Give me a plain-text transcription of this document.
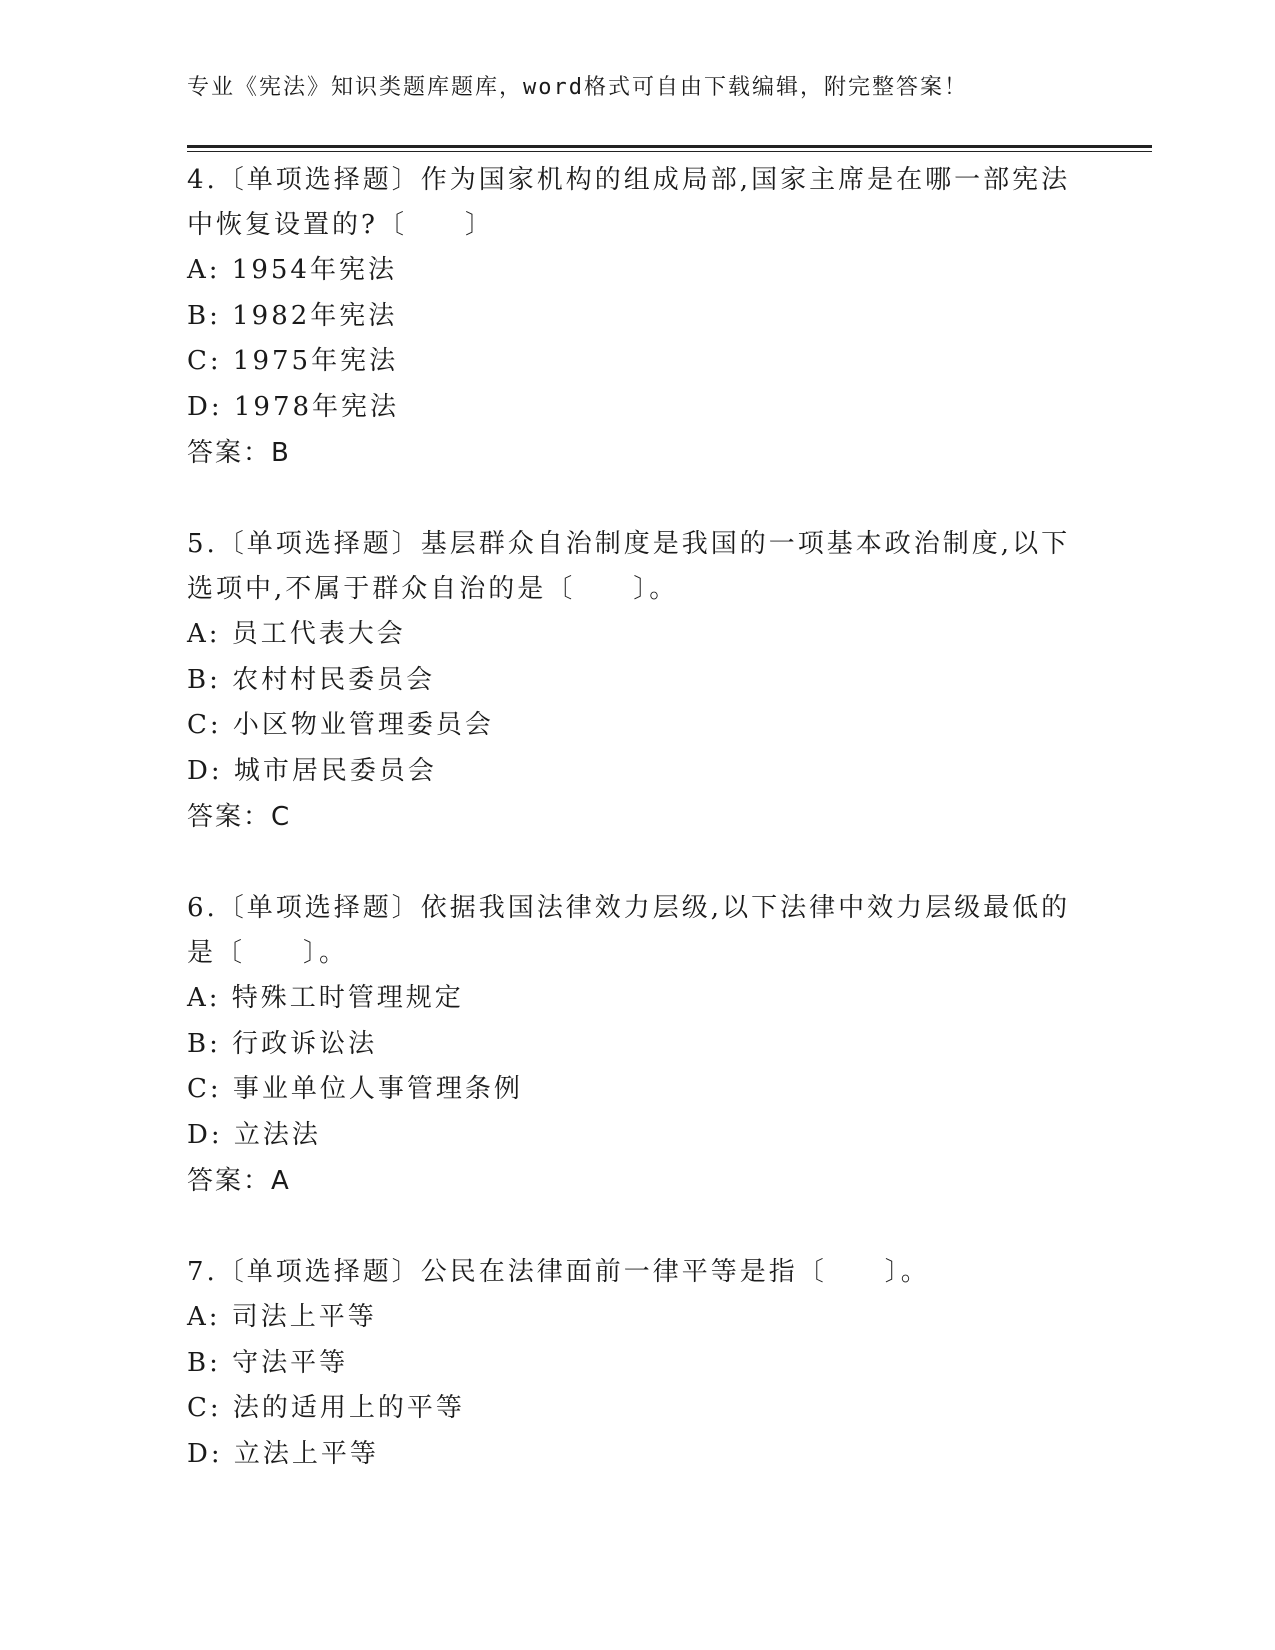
专业《宪法》知识类题库题库，word格式可自由下载编辑，附完整答案！
4.〔单项选择题〕作为国家机构的组成局部,国家主席是在哪一部宪法中恢复设置的?〔　　〕
A: 1954年宪法
B: 1982年宪法
C: 1975年宪法
D: 1978年宪法
答案：B
5.〔单项选择题〕基层群众自治制度是我国的一项基本政治制度,以下选项中,不属于群众自治的是〔　　〕。
A: 员工代表大会
B: 农村村民委员会
C: 小区物业管理委员会
D: 城市居民委员会
答案：C
6.〔单项选择题〕依据我国法律效力层级,以下法律中效力层级最低的是〔　　〕。
A: 特殊工时管理规定
B: 行政诉讼法
C: 事业单位人事管理条例
D: 立法法
答案：A
7.〔单项选择题〕公民在法律面前一律平等是指〔　　〕。
A: 司法上平等
B: 守法平等
C: 法的适用上的平等
D: 立法上平等
